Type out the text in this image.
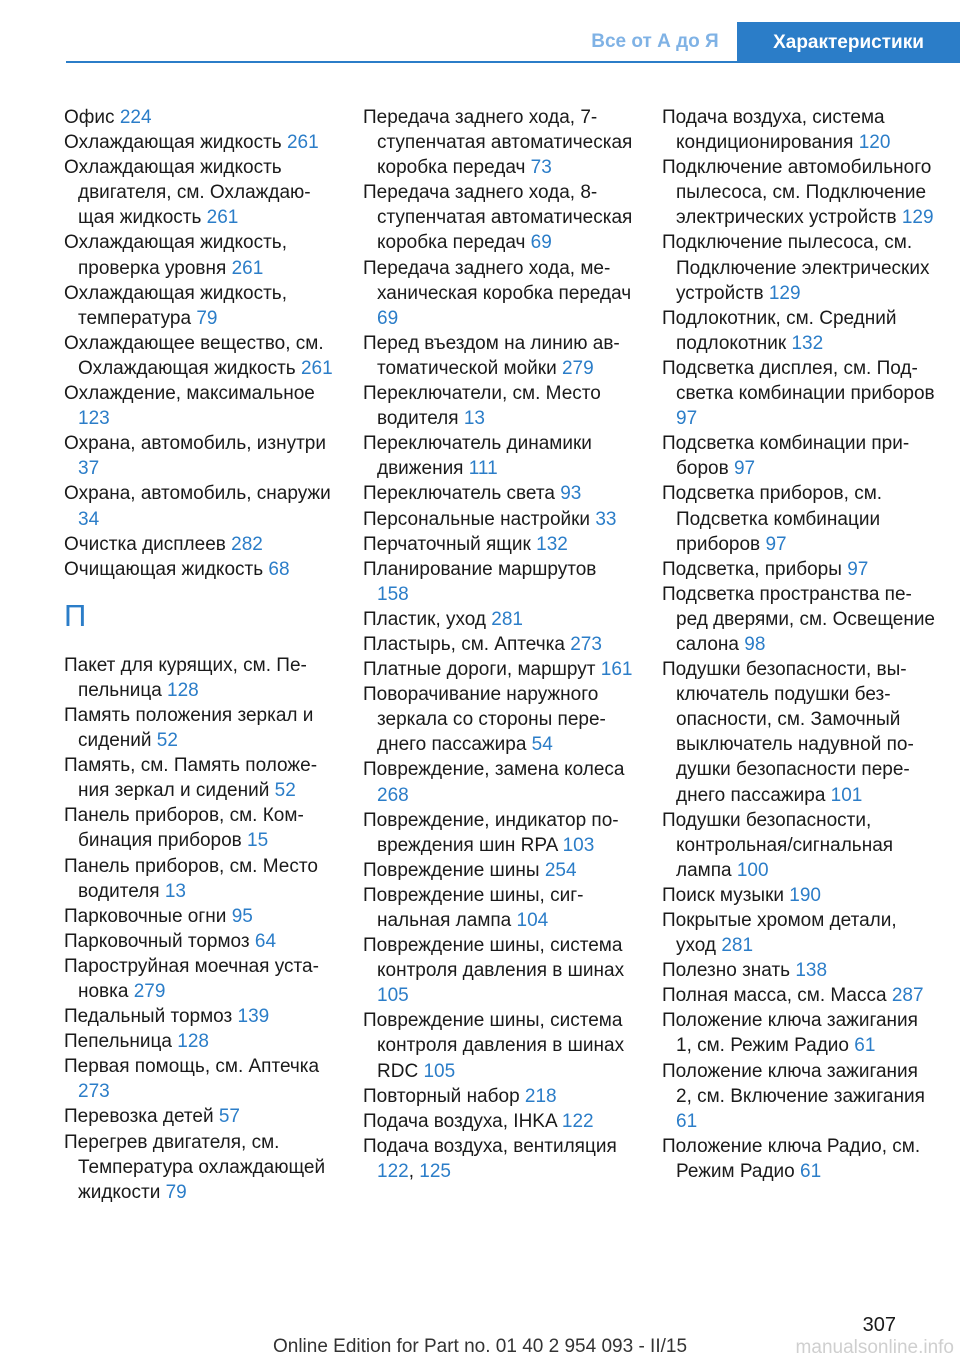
Все от А до Я	Характеристики
Офис 224
Охлаждающая жидкость 261
Охлаждающая жидкость двигателя, см. Охлаждающая жидкость 261
Охлаждающая жидкость, проверка уровня 261
Охлаждающая жидкость, температура 79
Охлаждающее вещество, см. Охлаждающая жидкость 261
Охлаждение, максимальное 123
Охрана, автомобиль, изнутри 37
Охрана, автомобиль, снаружи 34
Очистка дисплеев 282
Очищающая жидкость 68
П
Пакет для курящих, см. Пепельница 128
Память положения зеркал и сидений 52
Память, см. Память положения зеркал и сидений 52
Панель приборов, см. Комбинация приборов 15
Панель приборов, см. Место водителя 13
Парковочные огни 95
Парковочный тормоз 64
Пароструйная моечная установка 279
Педальный тормоз 139
Пепельница 128
Первая помощь, см. Аптечка 273
Перевозка детей 57
Перегрев двигателя, см. Температура охлаждающей жидкости 79
Передача заднего хода, 7-ступенчатая автоматическая коробка передач 73
Передача заднего хода, 8-ступенчатая автоматическая коробка передач 69
Передача заднего хода, механическая коробка передач 69
Перед въездом на линию автоматической мойки 279
Переключатели, см. Место водителя 13
Переключатель динамики движения 111
Переключатель света 93
Персональные настройки 33
Перчаточный ящик 132
Планирование маршрутов 158
Пластик, уход 281
Пластырь, см. Аптечка 273
Платные дороги, маршрут 161
Поворачивание наружного зеркала со стороны переднего пассажира 54
Повреждение, замена колеса 268
Повреждение, индикатор повреждения шин RPA 103
Повреждение шины 254
Повреждение шины, сигнальная лампа 104
Повреждение шины, система контроля давления в шинах 105
Повреждение шины, система контроля давления в шинах RDC 105
Повторный набор 218
Подача воздуха, IHKA 122
Подача воздуха, вентиляция 122, 125
Подача воздуха, система кондиционирования 120
Подключение автомобильного пылесоса, см. Подключение электрических устройств 129
Подключение пылесоса, см. Подключение электрических устройств 129
Подлокотник, см. Средний подлокотник 132
Подсветка дисплея, см. Подсветка комбинации приборов 97
Подсветка комбинации приборов 97
Подсветка приборов, см. Подсветка комбинации приборов 97
Подсветка, приборы 97
Подсветка пространства перед дверями, см. Освещение салона 98
Подушки безопасности, выключатель подушки безопасности, см. Замочный выключатель надувной подушки безопасности переднего пассажира 101
Подушки безопасности, контрольная/сигнальная лампа 100
Поиск музыки 190
Покрытые хромом детали, уход 281
Полезно знать 138
Полная масса, см. Масса 287
Положение ключа зажигания 1, см. Режим Радио 61
Положение ключа зажигания 2, см. Включение зажигания 61
Положение ключа Радио, см. Режим Радио 61
307
Online Edition for Part no. 01 40 2 954 093 - II/15	manualsonline.info
